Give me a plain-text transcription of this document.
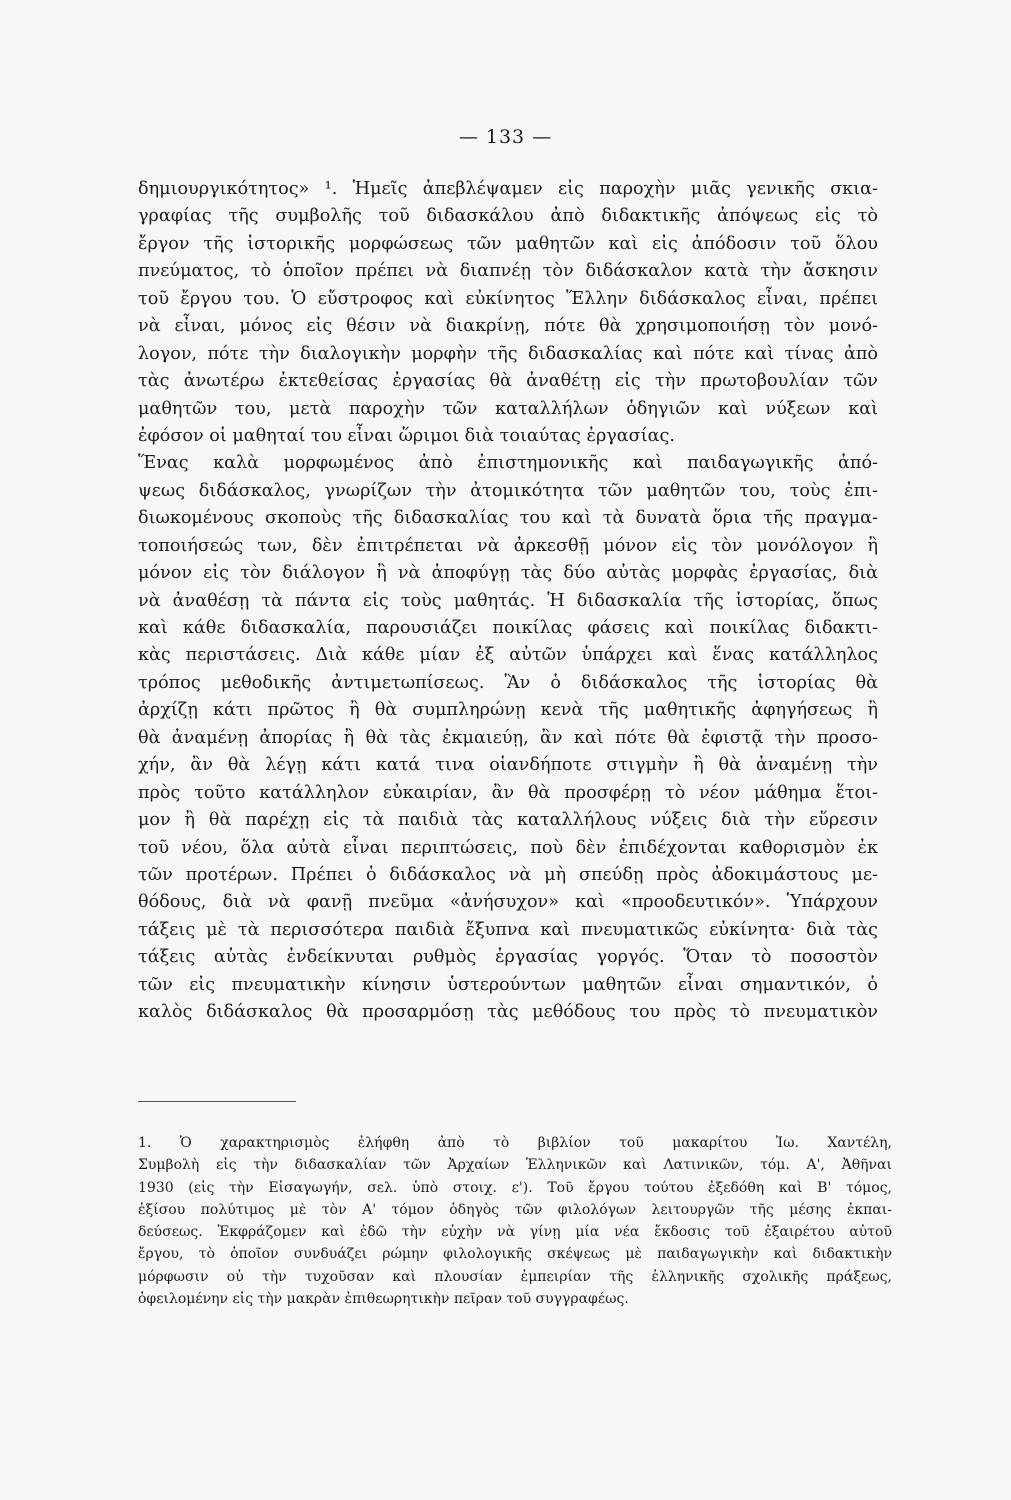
— 133 —
δημιουργικότητος» ¹. Ἡμεῖς ἀπεβλέψαμεν εἰς παροχὴν μιᾶς γενικῆς σκια-
γραφίας τῆς συμβολῆς τοῦ διδασκάλου ἀπὸ διδακτικῆς ἀπόψεως εἰς τὸ
ἔργον τῆς ἱστορικῆς μορφώσεως τῶν μαθητῶν καὶ εἰς ἀπόδοσιν τοῦ ὅλου
πνεύματος, τὸ ὁποῖον πρέπει νὰ διαπνέῃ τὸν διδάσκαλον κατὰ τὴν ἄσκησιν
τοῦ ἔργου του. Ὁ εὔστροφος καὶ εὐκίνητος Ἕλλην διδάσκαλος εἶναι, πρέπει
νὰ εἶναι, μόνος εἰς θέσιν νὰ διακρίνῃ, πότε θὰ χρησιμοποιήσῃ τὸν μονό-
λογον, πότε τὴν διαλογικὴν μορφὴν τῆς διδασκαλίας καὶ πότε καὶ τίνας ἀπὸ
τὰς ἀνωτέρω ἐκτεθείσας ἐργασίας θὰ ἀναθέτῃ εἰς τὴν πρωτοβουλίαν τῶν
μαθητῶν του, μετὰ παροχὴν τῶν καταλλήλων ὁδηγιῶν καὶ νύξεων καὶ
ἐφόσον οἱ μαθηταί του εἶναι ὥριμοι διὰ τοιαύτας ἐργασίας.
Ἕνας καλὰ μορφωμένος ἀπὸ ἐπιστημονικῆς καὶ παιδαγωγικῆς ἀπό-
ψεως διδάσκαλος, γνωρίζων τὴν ἀτομικότητα τῶν μαθητῶν του, τοὺς ἐπι-
διωκομένους σκοποὺς τῆς διδασκαλίας του καὶ τὰ δυνατὰ ὅρια τῆς πραγμα-
τοποιήσεώς των, δὲν ἐπιτρέπεται νὰ ἀρκεσθῇ μόνον εἰς τὸν μονόλογον ἢ
μόνον εἰς τὸν διάλογον ἢ νὰ ἀποφύγῃ τὰς δύο αὐτὰς μορφὰς ἐργασίας, διὰ
νὰ ἀναθέσῃ τὰ πάντα εἰς τοὺς μαθητάς. Ἡ διδασκαλία τῆς ἱστορίας, ὅπως
καὶ κάθε διδασκαλία, παρουσιάζει ποικίλας φάσεις καὶ ποικίλας διδακτι-
κὰς περιστάσεις. Διὰ κάθε μίαν ἐξ αὐτῶν ὑπάρχει καὶ ἕνας κατάλληλος
τρόπος μεθοδικῆς ἀντιμετωπίσεως. Ἂν ὁ διδάσκαλος τῆς ἱστορίας θὰ
ἀρχίζῃ κάτι πρῶτος ἢ θὰ συμπληρώνῃ κενὰ τῆς μαθητικῆς ἀφηγήσεως ἢ
θὰ ἀναμένῃ ἀπορίας ἢ θὰ τὰς ἐκμαιεύῃ, ἂν καὶ πότε θὰ ἐφιστᾷ τὴν προσο-
χήν, ἂν θὰ λέγῃ κάτι κατά τινα οἱανδήποτε στιγμὴν ἢ θὰ ἀναμένῃ τὴν
πρὸς τοῦτο κατάλληλον εὐκαιρίαν, ἂν θὰ προσφέρῃ τὸ νέον μάθημα ἕτοι-
μον ἢ θὰ παρέχῃ εἰς τὰ παιδιὰ τὰς καταλλήλους νύξεις διὰ τὴν εὕρεσιν
τοῦ νέου, ὅλα αὐτὰ εἶναι περιπτώσεις, ποὺ δὲν ἐπιδέχονται καθορισμὸν ἐκ
τῶν προτέρων. Πρέπει ὁ διδάσκαλος νὰ μὴ σπεύδῃ πρὸς ἀδοκιμάστους με-
θόδους, διὰ νὰ φανῇ πνεῦμα «ἀνήσυχον» καὶ «προοδευτικόν». Ὑπάρχουν
τάξεις μὲ τὰ περισσότερα παιδιὰ ἔξυπνα καὶ πνευματικῶς εὐκίνητα· διὰ τὰς
τάξεις αὐτὰς ἐνδείκνυται ρυθμὸς ἐργασίας γοργός. Ὅταν τὸ ποσοστὸν
τῶν εἰς πνευματικὴν κίνησιν ὑστερούντων μαθητῶν εἶναι σημαντικόν, ὁ
καλὸς διδάσκαλος θὰ προσαρμόσῃ τὰς μεθόδους του πρὸς τὸ πνευματικὸν
1. Ὁ χαρακτηρισμὸς ἐλήφθη ἀπὸ τὸ βιβλίον τοῦ μακαρίτου Ἰω. Χαντέλη,
Συμβολὴ εἰς τὴν διδασκαλίαν τῶν Ἀρχαίων Ἑλληνικῶν καὶ Λατινικῶν, τόμ. Α', Ἀθῆναι
1930 (εἰς τὴν Εἰσαγωγήν, σελ. ὑπὸ στοιχ. ε'). Τοῦ ἔργου τούτου ἐξεδόθη καὶ Β' τόμος,
ἐξίσου πολύτιμος μὲ τὸν Α' τόμον ὁδηγὸς τῶν φιλολόγων λειτουργῶν τῆς μέσης ἐκπαι-
δεύσεως. Ἐκφράζομεν καὶ ἐδῶ τὴν εὐχὴν νὰ γίνῃ μία νέα ἔκδοσις τοῦ ἐξαιρέτου αὐτοῦ
ἔργου, τὸ ὁποῖον συνδυάζει ρώμην φιλολογικῆς σκέψεως μὲ παιδαγωγικὴν καὶ διδακτικὴν
μόρφωσιν οὐ τὴν τυχοῦσαν καὶ πλουσίαν ἐμπειρίαν τῆς ἑλληνικῆς σχολικῆς πράξεως,
ὀφειλομένην εἰς τὴν μακρὰν ἐπιθεωρητικὴν πεῖραν τοῦ συγγραφέως.
